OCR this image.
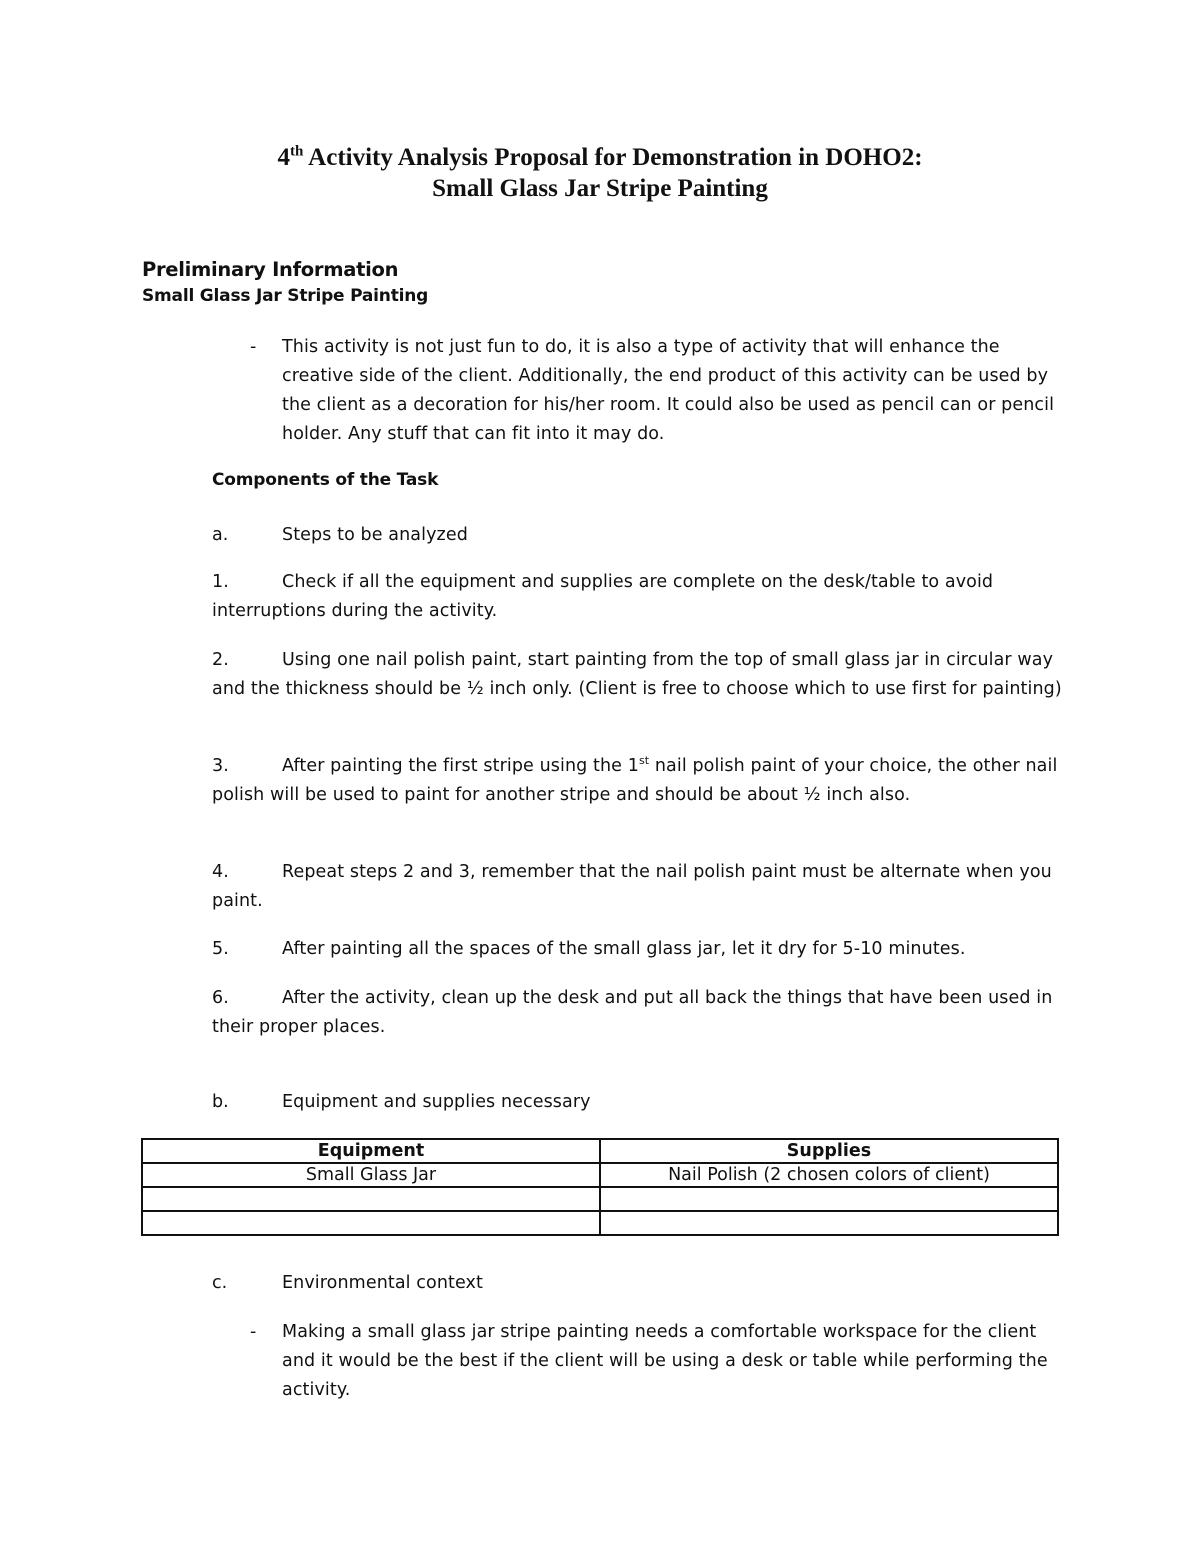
4th Activity Analysis Proposal for Demonstration in DOHO2:
Small Glass Jar Stripe Painting
Preliminary Information
Small Glass Jar Stripe Painting
- This activity is not just fun to do, it is also a type of activity that will enhance the creative side of the client. Additionally, the end product of this activity can be used by the client as a decoration for his/her room. It could also be used as pencil can or pencil holder. Any stuff that can fit into it may do.
Components of the Task
a.	Steps to be analyzed
1.	Check if all the equipment and supplies are complete on the desk/table to avoid interruptions during the activity.
2.	Using one nail polish paint, start painting from the top of small glass jar in circular way and the thickness should be ½ inch only. (Client is free to choose which to use first for painting)
3.	After painting the first stripe using the 1st nail polish paint of your choice, the other nail polish will be used to paint for another stripe and should be about ½ inch also.
4.	Repeat steps 2 and 3, remember that the nail polish paint must be alternate when you paint.
5.	After painting all the spaces of the small glass jar, let it dry for 5-10 minutes.
6.	After the activity, clean up the desk and put all back the things that have been used in their proper places.
b.	Equipment and supplies necessary
Equipment	Supplies
Small Glass Jar	Nail Polish (2 chosen colors of client)

c.	Environmental context
- Making a small glass jar stripe painting needs a comfortable workspace for the client and it would be the best if the client will be using a desk or table while performing the activity.
